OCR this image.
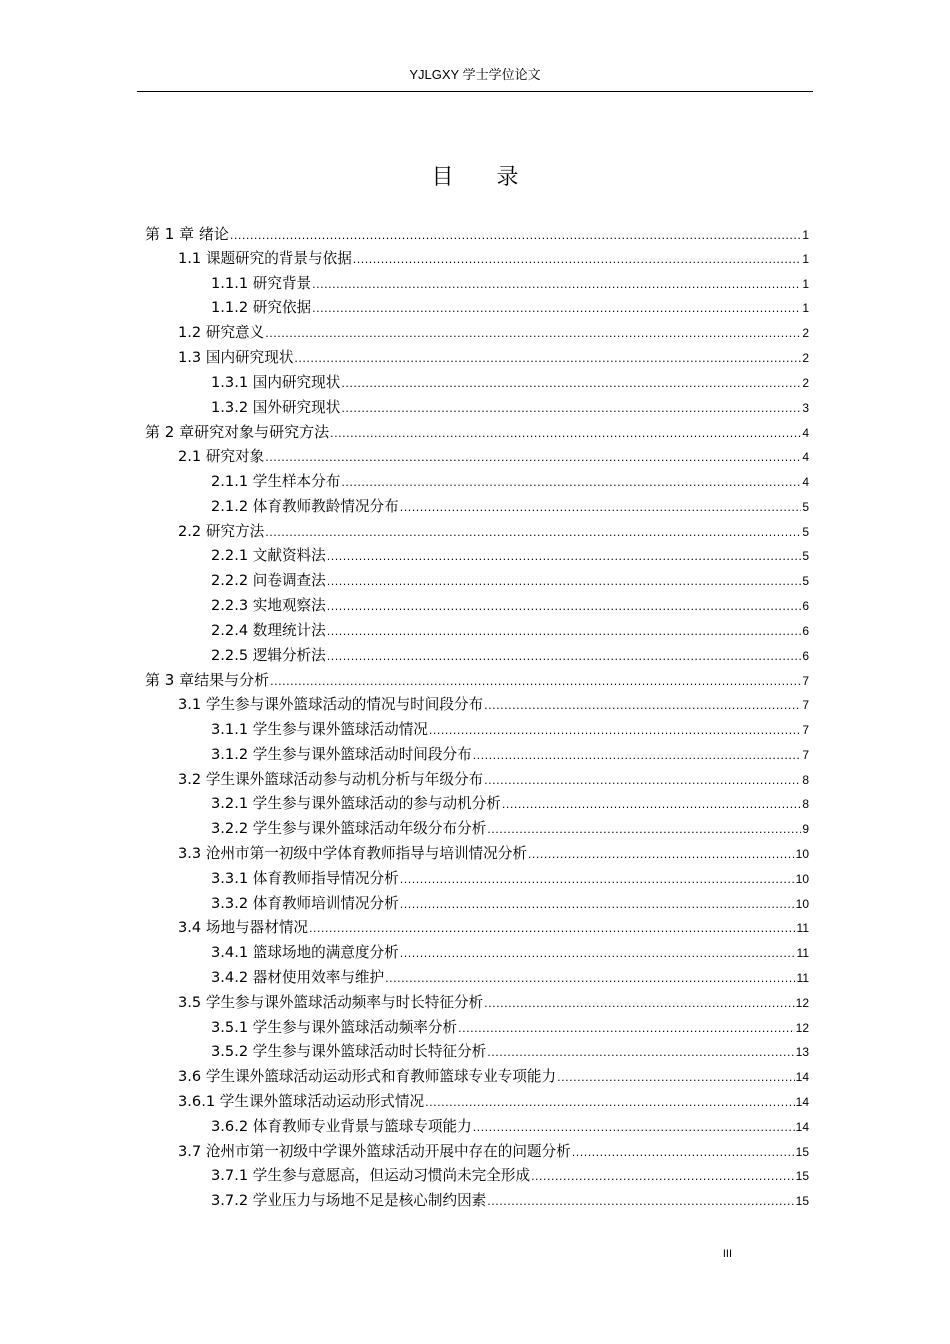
YJLGXY 学士学位论文
目 录
第 1 章 绪论 .....	1
1.1 课题研究的背景与依据 .....	1
1.1.1 研究背景 .....	1
1.1.2 研究依据 .....	1
1.2 研究意义 .....	2
1.3 国内研究现状 .....	2
1.3.1 国内研究现状 .....	2
1.3.2 国外研究现状 .....	3
第 2 章研究对象与研究方法 .....	4
2.1 研究对象 .....	4
2.1.1 学生样本分布 .....	4
2.1.2 体育教师教龄情况分布 .....	5
2.2 研究方法 .....	5
2.2.1 文献资料法 .....	5
2.2.2 问卷调查法 .....	5
2.2.3 实地观察法 .....	6
2.2.4 数理统计法 .....	6
2.2.5 逻辑分析法 .....	6
第 3 章结果与分析 .....	7
3.1 学生参与课外篮球活动的情况与时间段分布 .....	7
3.1.1 学生参与课外篮球活动情况 .....	7
3.1.2 学生参与课外篮球活动时间段分布 .....	7
3.2 学生课外篮球活动参与动机分析与年级分布 .....	8
3.2.1 学生参与课外篮球活动的参与动机分析 .....	8
3.2.2 学生参与课外篮球活动年级分布分析 .....	9
3.3 沧州市第一初级中学体育教师指导与培训情况分析 .....	10
3.3.1 体育教师指导情况分析 .....	10
3.3.2 体育教师培训情况分析 .....	10
3.4 场地与器材情况 .....	11
3.4.1 篮球场地的满意度分析 .....	11
3.4.2 器材使用效率与维护 .....	11
3.5 学生参与课外篮球活动频率与时长特征分析 .....	12
3.5.1 学生参与课外篮球活动频率分析 .....	12
3.5.2 学生参与课外篮球活动时长特征分析 .....	13
3.6 学生课外篮球活动运动形式和育教师篮球专业专项能力 .....	14
3.6.1 学生课外篮球活动运动形式情况 .....	14
3.6.2 体育教师专业背景与篮球专项能力 .....	14
3.7 沧州市第一初级中学课外篮球活动开展中存在的问题分析 .....	15
3.7.1 学生参与意愿高，但运动习惯尚未完全形成 .....	15
3.7.2 学业压力与场地不足是核心制约因素 .....	15
III
